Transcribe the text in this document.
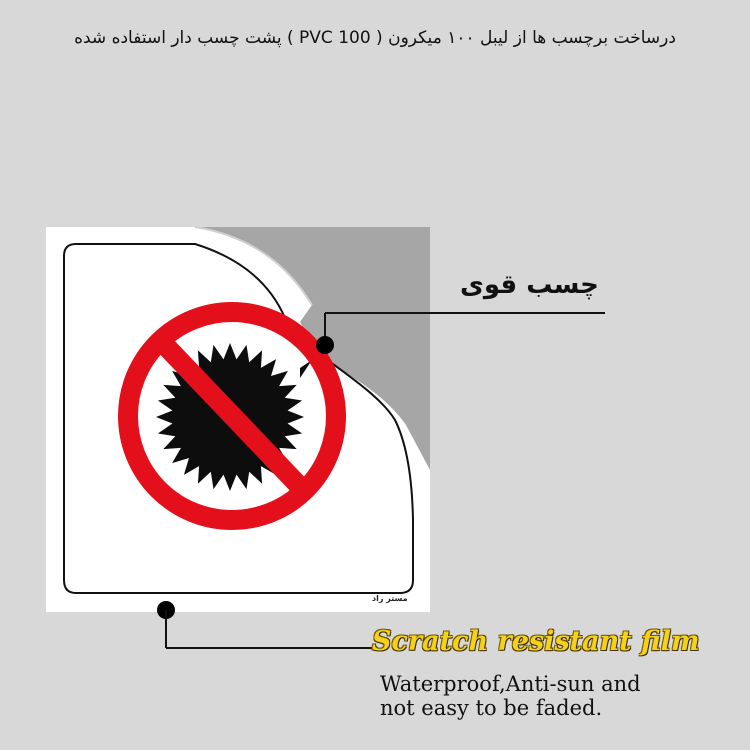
درساخت برچسب ها از لیبل ۱۰۰ میکرون ( PVC 100 ) پشت چسب دار استفاده شده
چسب قوی
مستر راد
Scratch resistant film
Waterproof,Anti-sun and
not easy to be faded.
